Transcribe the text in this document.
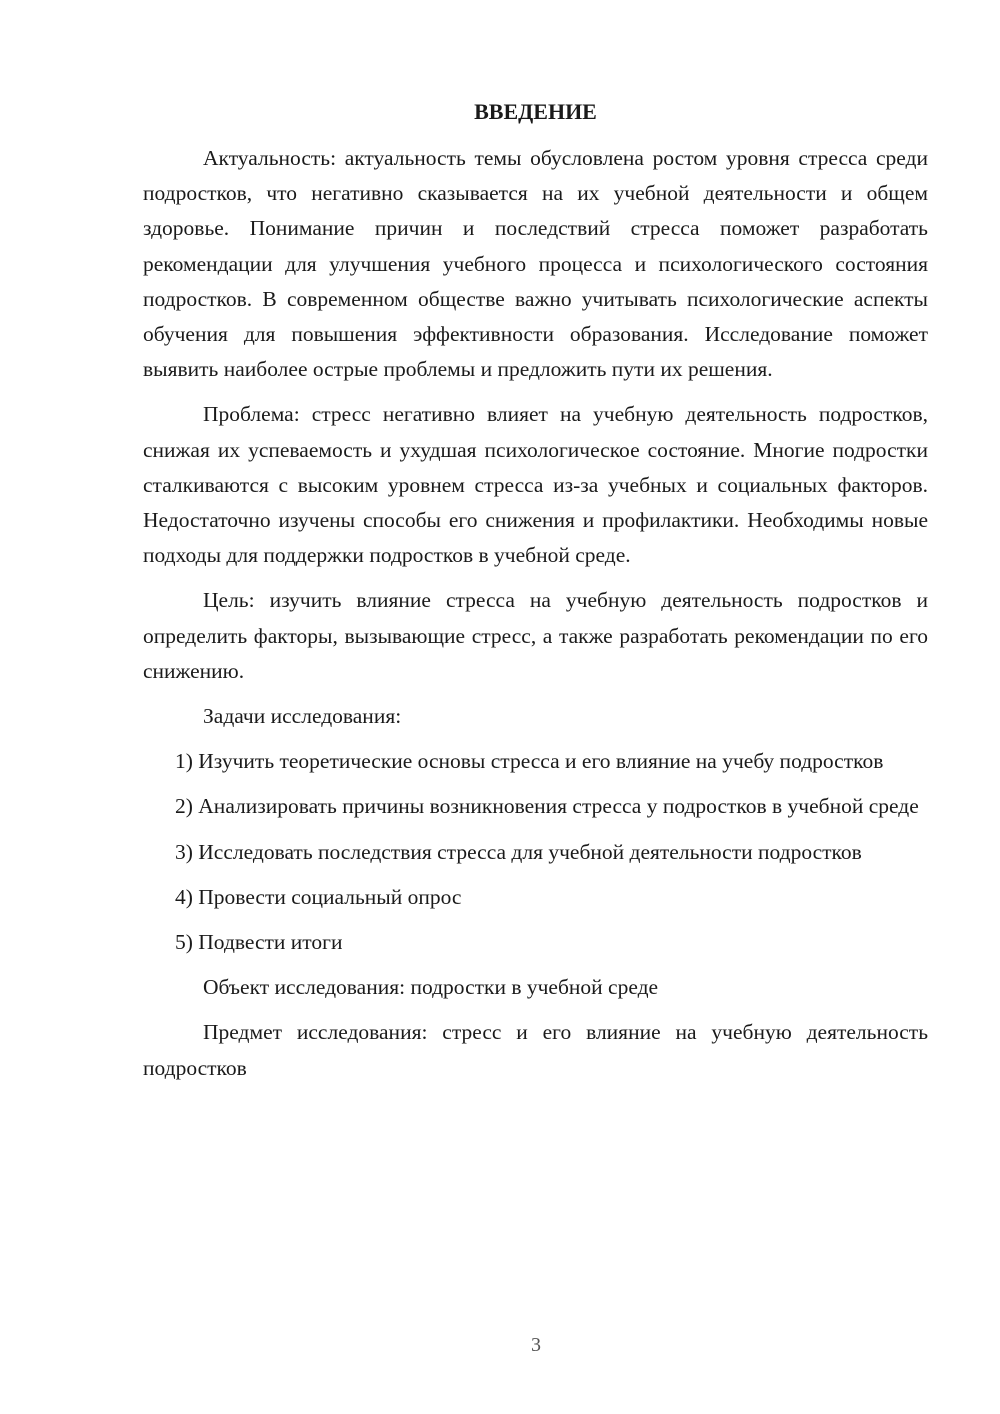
ВВЕДЕНИЕ

Актуальность: актуальность темы обусловлена ростом уровня стресса среди подростков, что негативно сказывается на их учебной деятельности и общем здоровье. Понимание причин и последствий стресса поможет разработать рекомендации для улучшения учебного процесса и психологического состояния подростков. В современном обществе важно учитывать психологические аспекты обучения для повышения эффективности образования. Исследование поможет выявить наиболее острые проблемы и предложить пути их решения.

Проблема: стресс негативно влияет на учебную деятельность подростков, снижая их успеваемость и ухудшая психологическое состояние. Многие подростки сталкиваются с высоким уровнем стресса из-за учебных и социальных факторов. Недостаточно изучены способы его снижения и профилактики. Необходимы новые подходы для поддержки подростков в учебной среде.

Цель: изучить влияние стресса на учебную деятельность подростков и определить факторы, вызывающие стресс, а также разработать рекомендации по его снижению.

Задачи исследования:

1) Изучить теоретические основы стресса и его влияние на учебу подростков

2) Анализировать причины возникновения стресса у подростков в учебной среде

3) Исследовать последствия стресса для учебной деятельности подростков

4) Провести социальный опрос

5) Подвести итоги

Объект исследования: подростки в учебной среде

Предмет исследования: стресс и его влияние на учебную деятельность подростков

3
